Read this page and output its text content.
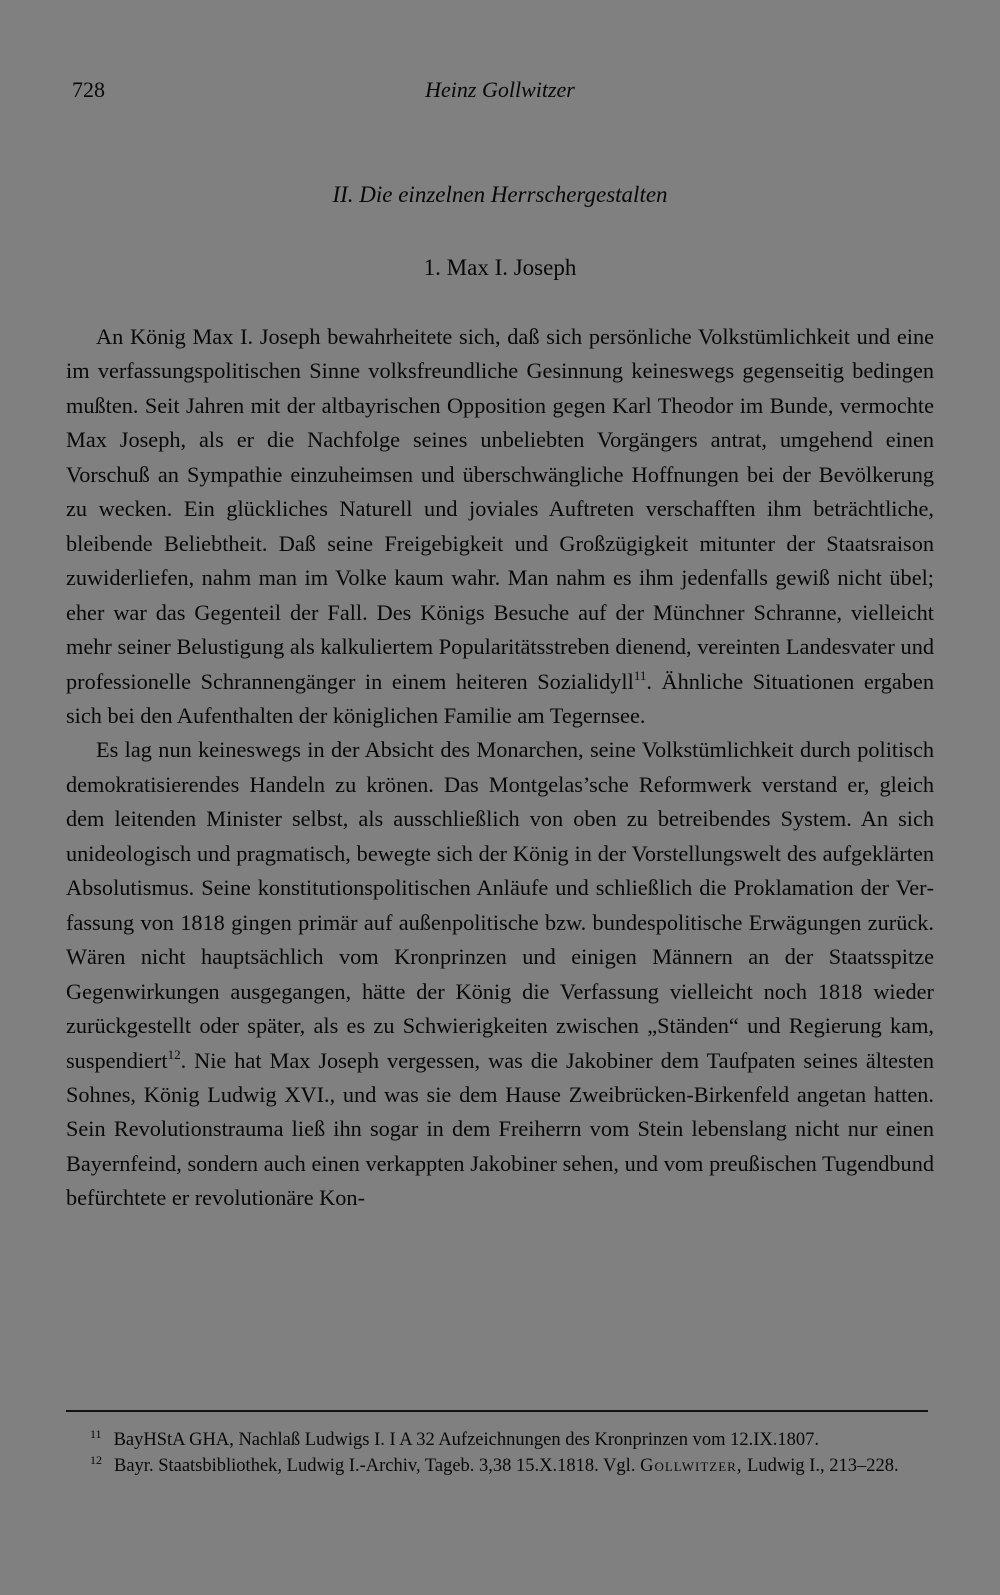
728	Heinz Gollwitzer
II. Die einzelnen Herrschergestalten
1. Max I. Joseph

An König Max I. Joseph bewahrheitete sich, daß sich persönliche Volkstümlichkeit und eine im verfassungspolitischen Sinne volksfreundliche Gesinnung keineswegs gegenseitig bedingen mußten. Seit Jahren mit der altbayrischen Opposition gegen Karl Theodor im Bunde, vermochte Max Joseph, als er die Nachfolge seines unbeliebten Vorgängers antrat, umgehend einen Vorschuß an Sympathie einzuheimsen und überschwängliche Hoffnungen bei der Bevölkerung zu wecken. Ein glückliches Naturell und joviales Auftreten verschafften ihm beträchtliche, bleibende Beliebtheit. Daß seine Freigebigkeit und Großzügigkeit mitunter der Staatsraison zuwiderliefen, nahm man im Volke kaum wahr. Man nahm es ihm jedenfalls gewiß nicht übel; eher war das Gegenteil der Fall. Des Königs Besuche auf der Münchner Schranne, vielleicht mehr seiner Belustigung als kalkuliertem Popularitätsstreben dienend, vereinten Landesvater und professionelle Schrannengänger in einem heiteren Sozialidyll$^{11}$. Ähnliche Situationen ergaben sich bei den Aufenthalten der königlichen Familie am Tegernsee.

Es lag nun keineswegs in der Absicht des Monarchen, seine Volkstümlichkeit durch politisch demokratisierendes Handeln zu krönen. Das Montgelas’sche Reformwerk verstand er, gleich dem leitenden Minister selbst, als ausschließlich von oben zu betreibendes System. An sich unideologisch und pragmatisch, bewegte sich der König in der Vorstellungswelt des aufgeklärten Absolutismus. Seine konstitutionspolitischen Anläufe und schließlich die Proklamation der Verfassung von 1818 gingen primär auf außenpolitische bzw. bundespolitische Erwägungen zurück. Wären nicht hauptsächlich vom Kronprinzen und einigen Männern an der Staatsspitze Gegenwirkungen ausgegangen, hätte der König die Verfassung vielleicht noch 1818 wieder zurückgestellt oder später, als es zu Schwierigkeiten zwischen „Ständen“ und Regierung kam, suspendiert$^{12}$. Nie hat Max Joseph vergessen, was die Jakobiner dem Taufpaten seines ältesten Sohnes, König Ludwig XVI., und was sie dem Hause Zweibrücken-Birkenfeld angetan hatten. Sein Revolutionstrauma ließ ihn sogar in dem Freiherrn vom Stein lebenslang nicht nur einen Bayernfeind, sondern auch einen verkappten Jakobiner sehen, und vom preußischen Tugendbund befürchtete er revolutionäre Kon-

$^{11}$ BayHStA GHA, Nachlaß Ludwigs I. I A 32 Aufzeichnungen des Kronprinzen vom 12.IX.1807.

$^{12}$ Bayr. Staatsbibliothek, Ludwig I.-Archiv, Tageb. 3,38 15.X.1818. Vgl. Gollwitzer, Ludwig I., 213–228.
